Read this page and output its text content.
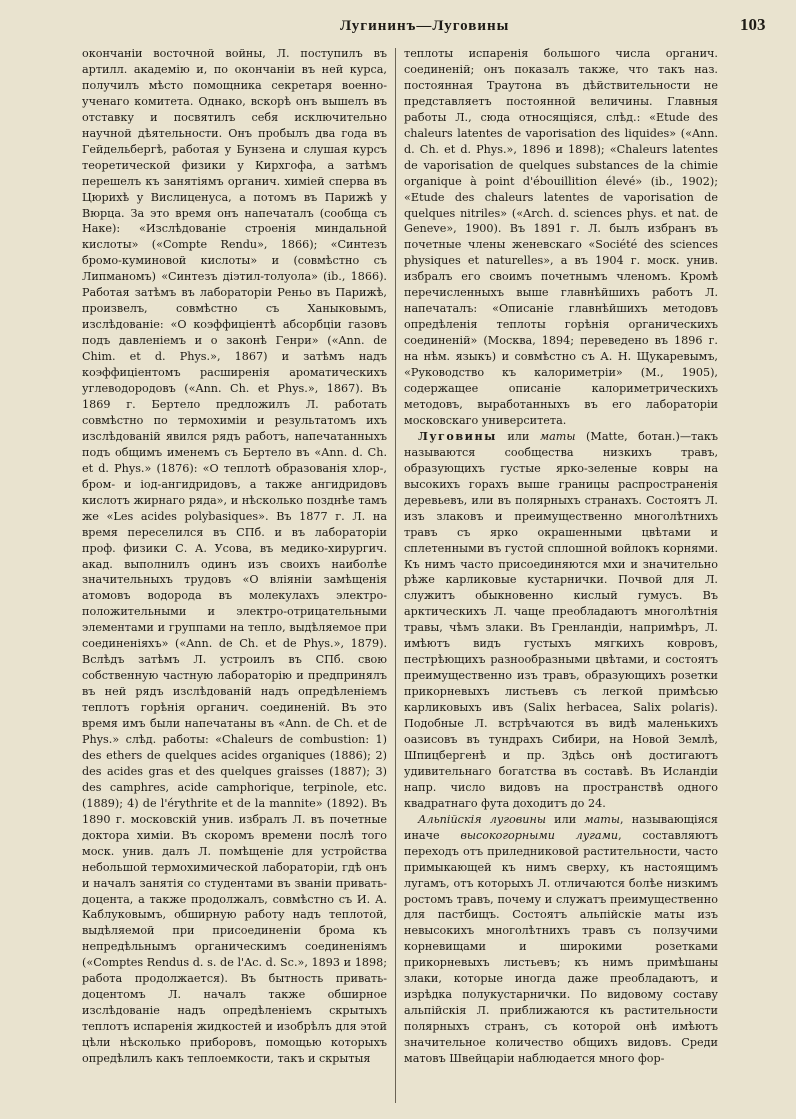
Лугининъ—Луговины	103

окончаніи восточной войны, Л. поступилъ въ артилл. академію и, по окончаніи въ ней курса, получилъ мѣсто помощника секретаря военно-ученаго комитета. Однако, вскорѣ онъ вышелъ въ отставку и посвятилъ себя исключительно научной дѣятельности. Онъ пробылъ два года въ Гейдельбергѣ, работая у Бунзена и слушая курсъ теоретической физики у Кирхгофа, а затѣмъ перешелъ къ занятіямъ органич. химіей сперва въ Цюрихѣ у Вислиценуса, а потомъ въ Парижѣ у Вюрца. За это время онъ напечаталъ (сообща съ Наке): «Изслѣдованіе строенія миндальной кислоты» («Compte Rendu», 1866); «Синтезъ бромо-куминовой кислоты» и (совмѣстно съ Липманомъ) «Синтезъ діэтил-толуола» (ib., 1866). Работая затѣмъ въ лабораторіи Реньо въ Парижѣ, произвелъ, совмѣстно съ Ханыковымъ, изслѣдованіе: «О коэффиціентѣ абсорбціи газовъ подъ давленіемъ и о законѣ Генри» («Ann. de Chim. et d. Phys.», 1867) и затѣмъ надъ коэффиціентомъ расширенія ароматическихъ углеводородовъ («Ann. Ch. et Phys.», 1867). Въ 1869 г. Бертело предложилъ Л. работать совмѣстно по термохиміи и результатомъ ихъ изслѣдованій явился рядъ работъ, напечатанныхъ подъ общимъ именемъ съ Бертело въ «Ann. d. Ch. et d. Phys.» (1876): «О теплотѣ образованія хлор-, бром- и іод-ангидридовъ, а также ангидридовъ кислотъ жирнаго ряда», и нѣсколько позднѣе тамъ же «Les acides polybasiques». Въ 1877 г. Л. на время переселился въ СПб. и въ лабораторіи проф. физики С. А. Усова, въ медико-хирургич. акад. выполнилъ одинъ изъ своихъ наиболѣе значительныхъ трудовъ «О вліяніи замѣщенія атомовъ водорода въ молекулахъ электро-положительными и электро-отрицательными элементами и группами на тепло, выдѣляемое при соединеніяхъ» («Ann. de Ch. et de Phys.», 1879). Вслѣдъ затѣмъ Л. устроилъ въ СПб. свою собственную частную лабораторію и предпринялъ въ ней рядъ изслѣдованій надъ опредѣленіемъ теплотъ горѣнія органич. соединеній. Въ это время имъ были напечатаны въ «Ann. de Ch. et de Phys.» слѣд. работы: «Chaleurs de combustion: 1) des ethers de quelques acides organiques (1886); 2) des acides gras et des quelques graisses (1887); 3) des camphres, acide camphorique, terpinole, etc. (1889); 4) de l'érythrite et de la mannite» (1892). Въ 1890 г. московскій унив. избралъ Л. въ почетные доктора химіи. Въ скоромъ времени послѣ того моск. унив. далъ Л. помѣщеніе для устройства небольшой термохимической лабораторіи, гдѣ онъ и началъ занятія со студентами въ званіи привать-доцента, а также продолжалъ, совмѣстно съ И. А. Каблуковымъ, обширную работу надъ теплотой, выдѣляемой при присоединеніи брома къ непредѣльнымъ органическимъ соединеніямъ («Comptes Rendus d. s. de l'Ac. d. Sc.», 1893 и 1898; работа продолжается). Въ бытность привать-доцентомъ Л. началъ также обширное изслѣдованіе надъ опредѣленіемъ скрытыхъ теплотъ испаренія жидкостей и изобрѣлъ для этой цѣли нѣсколько приборовъ, помощью которыхъ опредѣлилъ какъ теплоемкости, такъ и скрытыя

теплоты испаренія большого числа органич. соединеній; онъ показалъ также, что такъ наз. постоянная Траутона въ дѣйствительности не представляетъ постоянной величины. Главныя работы Л., сюда относящіяся, слѣд.: «Etude des chaleurs latentes de vaporisation des liquides» («Ann. d. Ch. et d. Phys.», 1896 и 1898); «Chaleurs latentes de vaporisation de quelques substances de la chimie organique à point d'ébouillition élevé» (ib., 1902); «Etude des chaleurs latentes de vaporisation de quelques nitriles» («Arch. d. sciences phys. et nat. de Geneve», 1900). Въ 1891 г. Л. былъ избранъ въ почетные члены женевскаго «Société des sciences physiques et naturelles», а въ 1904 г. моск. унив. избралъ его своимъ почетнымъ членомъ. Кромѣ перечисленныхъ выше главнѣйшихъ работъ Л. напечаталъ: «Описаніе главнѣйшихъ методовъ опредѣленія теплоты горѣнія органическихъ соединеній» (Москва, 1894; переведено въ 1896 г. на нѣм. языкъ) и совмѣстно съ А. Н. Щукаревымъ, «Руководство къ калориметріи» (М., 1905), содержащее описаніе калориметрическихъ методовъ, выработанныхъ въ его лабораторіи московскаго университета.

Луговины или маты (Matte, ботан.)—такъ называются сообщества низкихъ травъ, образующихъ густые ярко-зеленые ковры на высокихъ горахъ выше границы распространенія деревьевъ, или въ полярныхъ странахъ. Состоятъ Л. изъ злаковъ и преимущественно многолѣтнихъ травъ съ ярко окрашенными цвѣтами и сплетенными въ густой сплошной войлокъ корнями. Къ нимъ часто присоединяются мхи и значительно рѣже карликовые кустарнички. Почвой для Л. служитъ обыкновенно кислый гумусъ. Въ арктическихъ Л. чаще преобладаютъ многолѣтнія травы, чѣмъ злаки. Въ Гренландіи, напримѣръ, Л. имѣютъ видъ густыхъ мягкихъ ковровъ, пестрѣющихъ разнообразными цвѣтами, и состоятъ преимущественно изъ травъ, образующихъ розетки прикорневыхъ листьевъ съ легкой примѣсью карликовыхъ ивъ (Salix herbacea, Salix polaris). Подобные Л. встрѣчаются въ видѣ маленькихъ оазисовъ въ тундрахъ Сибири, на Новой Землѣ, Шпицбергенѣ и пр. Здѣсь онѣ достигаютъ удивительнаго богатства въ составѣ. Въ Исландіи напр. число видовъ на пространствѣ одного квадратнаго фута доходитъ до 24.

Альпійскія луговины или маты, называющіяся иначе высокогорными лугами, составляютъ переходъ отъ приледниковой растительности, часто примыкающей къ нимъ сверху, къ настоящимъ лугамъ, отъ которыхъ Л. отличаются болѣе низкимъ ростомъ травъ, почему и служатъ преимущественно для пастбищъ. Состоятъ альпійскіе маты изъ невысокихъ многолѣтнихъ травъ съ ползучими корневищами и широкими розетками прикорневыхъ листьевъ; къ нимъ примѣшаны злаки, которые иногда даже преобладаютъ, и изрѣдка полукустарнички. По видовому составу альпійскія Л. приближаются къ растительности полярныхъ странъ, съ которой онѣ имѣютъ значительное количество общихъ видовъ. Среди матовъ Швейцаріи наблюдается много фор-
